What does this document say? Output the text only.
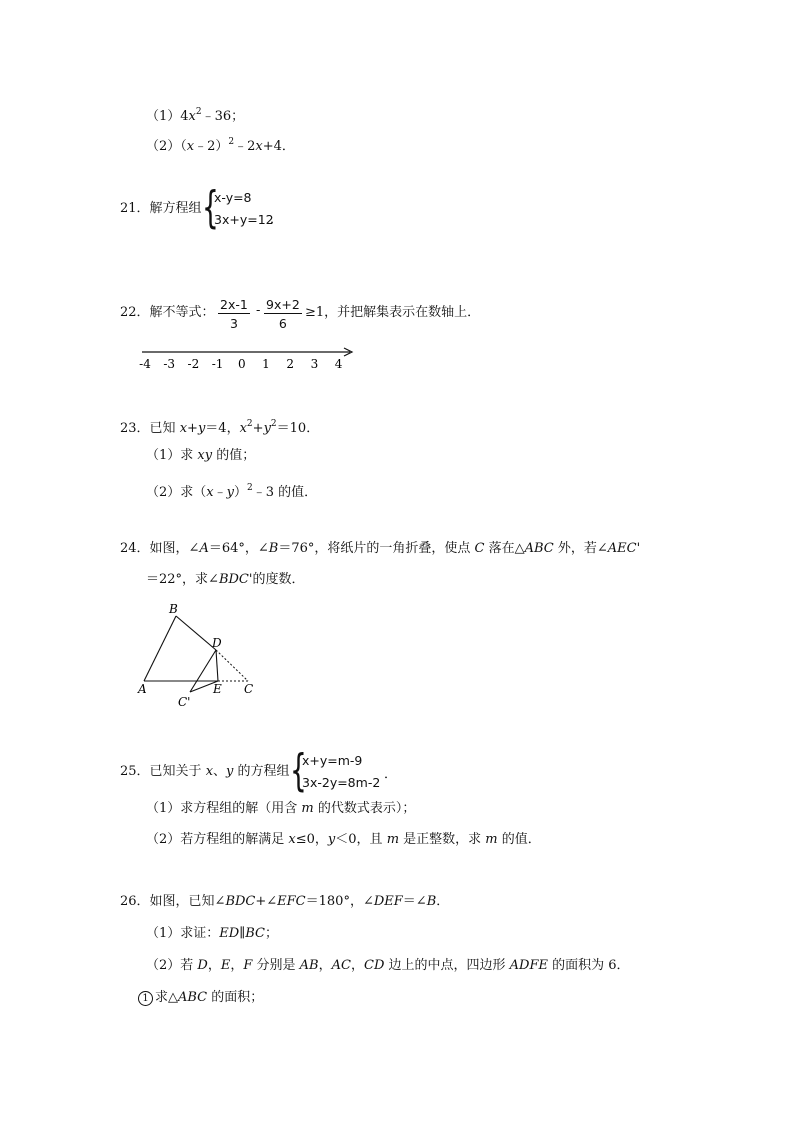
$(1)4x^2﹣36$；
（2）（x﹣2）$^2$﹣2x+4．
21．解方程组 {
x-y=8
3x+y=12
．
22．解不等式： $\frac{2x-1}{3} - \frac{9x+2}{6} \ge 1$，并把解集表示在数轴上．
-4 -3 -2 -1 0 1 2 3 4
23．已知 x+y＝4，$x^2+y^2=10$．
（1）求 xy 的值；
（2）求（x﹣y）$^2$﹣3 的值．
24．如图，∠A＝64°，∠B＝76°，将纸片的一角折叠，使点 C 落在△ABC 外，若∠AEC'
＝22°，求∠BDC'的度数．
B
D
A	E C
C'
25．已知关于 x、y 的方程组 {
x+y=m-9
3x-2y=8m-2
．
（1）求方程组的解（用含 m 的代数式表示）；
（2）若方程组的解满足 x≤0，y＜0，且 m 是正整数，求 m 的值．
26．如图，已知∠BDC+∠EFC＝180°，∠DEF＝∠B．
（1）求证：ED∥BC；
（2）若 D，E，F 分别是 AB，AC，CD 边上的中点，四边形 ADFE 的面积为 6．
1 求△ABC 的面积；
